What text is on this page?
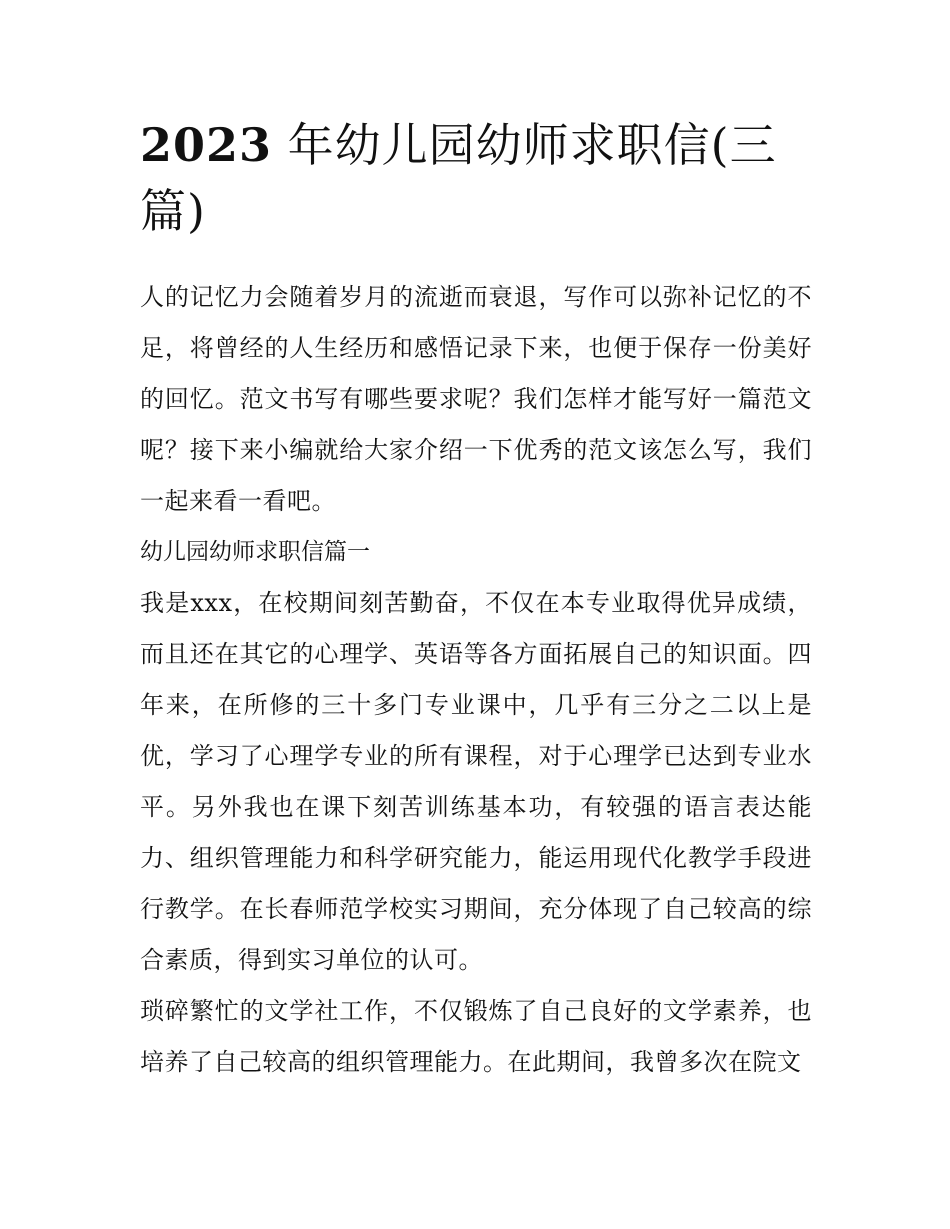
2023 年幼儿园幼师求职信(三篇)

人的记忆力会随着岁月的流逝而衰退，写作可以弥补记忆的不足，将曾经的人生经历和感悟记录下来，也便于保存一份美好的回忆。范文书写有哪些要求呢？我们怎样才能写好一篇范文呢？接下来小编就给大家介绍一下优秀的范文该怎么写，我们一起来看一看吧。

幼儿园幼师求职信篇一

我是xxx，在校期间刻苦勤奋，不仅在本专业取得优异成绩，而且还在其它的心理学、英语等各方面拓展自己的知识面。四年来，在所修的三十多门专业课中，几乎有三分之二以上是优，学习了心理学专业的所有课程，对于心理学已达到专业水平。另外我也在课下刻苦训练基本功，有较强的语言表达能力、组织管理能力和科学研究能力，能运用现代化教学手段进行教学。在长春师范学校实习期间，充分体现了自己较高的综合素质，得到实习单位的认可。

琐碎繁忙的文学社工作，不仅锻炼了自己良好的文学素养，也培养了自己较高的组织管理能力。在此期间，我曾多次在院文
